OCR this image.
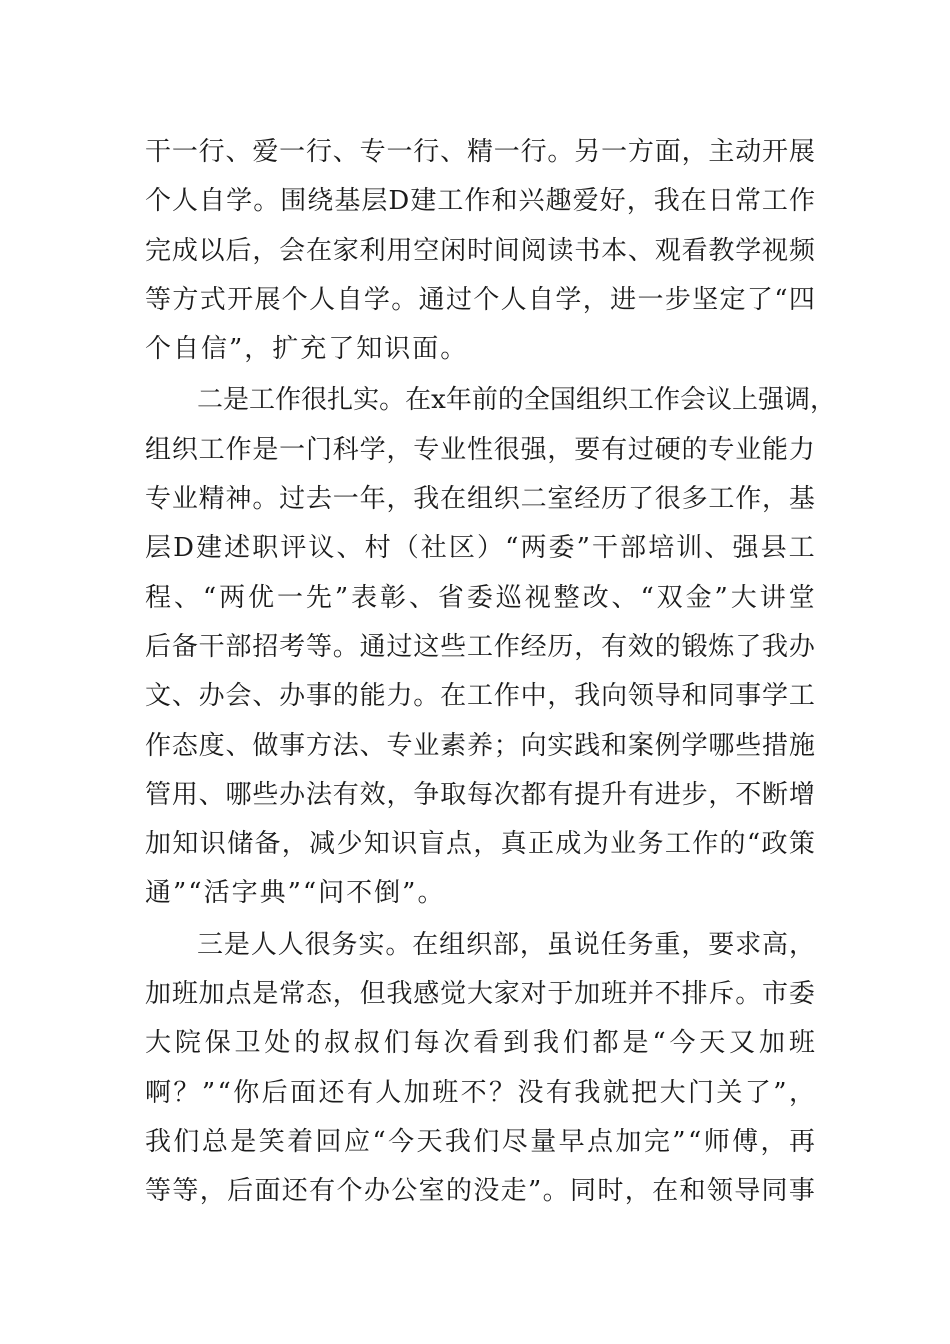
干 一 行 、 爱 一 行 、 专 一 行 、 精 一 行 。 另 一 方 面 ， 主 动 开 展
个 人 自 学 。 围 绕 基 层 D 建 工 作 和 兴 趣 爱 好 ， 我 在 日 常 工 作
完 成 以 后 ， 会 在 家 利 用 空 闲 时 间 阅 读 书 本 、 观 看 教 学 视 频
等 方 式 开 展 个 人 自 学 。 通 过 个 人 自 学 ， 进 一 步 坚 定 了 “ 四
个自信”，扩充了知识面。
二 是 工 作 很 扎 实 。 在 x 年 前 的 全 国 组 织 工 作 会 议 上 强 调 ，
组 织 工 作 是 一 门 科 学 ， 专 业 性 很 强 ， 要 有 过 硬 的 专 业 能 力
专 业 精 神 。 过 去 一 年 ， 我 在 组 织 二 室 经 历 了 很 多 工 作 ， 基
层 D 建 述 职 评 议 、 村 （ 社 区 ） “ 两 委 ” 干 部 培 训 、 强 县 工
程 、 “ 两 优 一 先 ” 表 彰 、 省 委 巡 视 整 改 、 “ 双 金 ” 大 讲 堂
后 备 干 部 招 考 等 。 通 过 这 些 工 作 经 历 ， 有 效 的 锻 炼 了 我 办
文 、 办 会 、 办 事 的 能 力 。 在 工 作 中 ， 我 向 领 导 和 同 事 学 工
作 态 度 、 做 事 方 法 、 专 业 素 养 ； 向 实 践 和 案 例 学 哪 些 措 施
管 用 、 哪 些 办 法 有 效 ， 争 取 每 次 都 有 提 升 有 进 步 ， 不 断 增
加 知 识 储 备 ， 减 少 知 识 盲 点 ， 真 正 成 为 业 务 工 作 的 “ 政 策
通”“活字典”“问不倒”。
三 是 人 人 很 务 实 。 在 组 织 部 ， 虽 说 任 务 重 ， 要 求 高 ，
加 班 加 点 是 常 态 ， 但 我 感 觉 大 家 对 于 加 班 并 不 排 斥 。 市 委
大 院 保 卫 处 的 叔 叔 们 每 次 看 到 我 们 都 是 “ 今 天 又 加 班
啊 ？ ” “ 你 后 面 还 有 人 加 班 不 ？ 没 有 我 就 把 大 门 关 了 ” ，
我 们 总 是 笑 着 回 应 “ 今 天 我 们 尽 量 早 点 加 完 ” “ 师 傅 ， 再
等 等 ， 后 面 还 有 个 办 公 室 的 没 走 ” 。 同 时 ， 在 和 领 导 同 事
